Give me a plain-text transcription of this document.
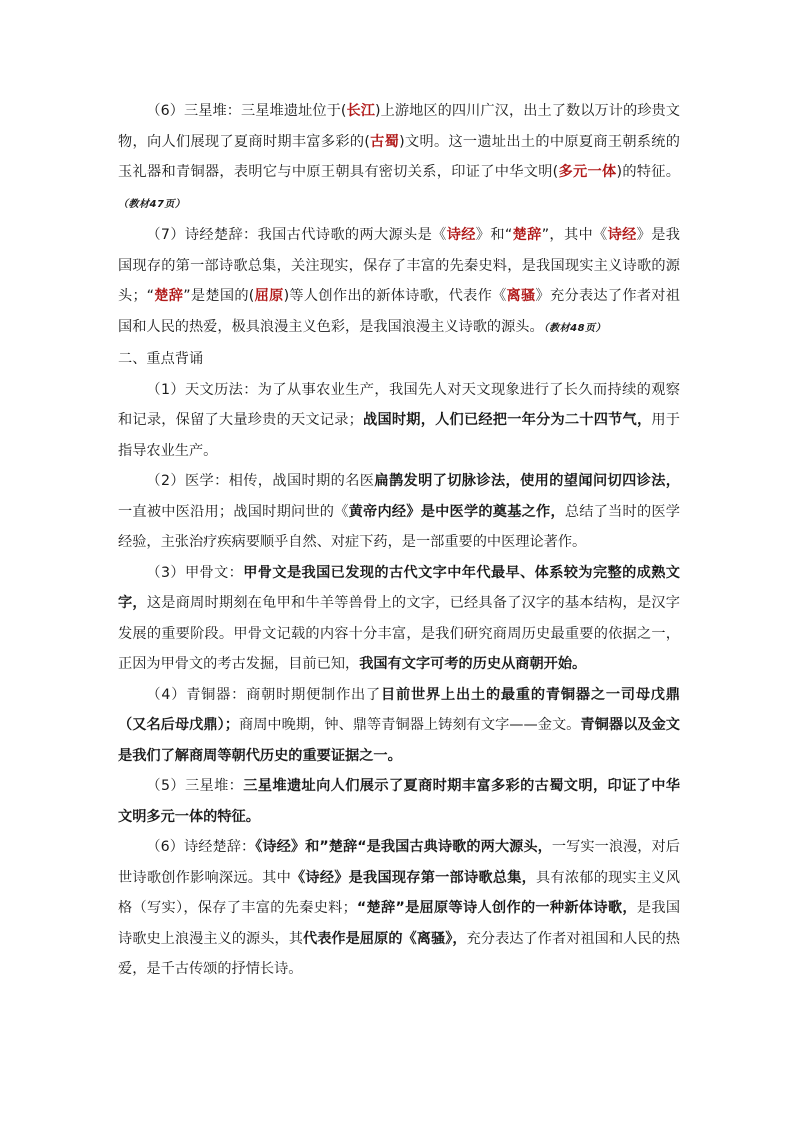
（6）三星堆：三星堆遗址位于(长江)上游地区的四川广汉，出土了数以万计的珍贵文物，向人们展现了夏商时期丰富多彩的(古蜀)文明。这一遗址出土的中原夏商王朝系统的玉礼器和青铜器，表明它与中原王朝具有密切关系，印证了中华文明(多元一体)的特征。（教材47页）

（7）诗经楚辞：我国古代诗歌的两大源头是《诗经》和“楚辞”，其中《诗经》是我国现存的第一部诗歌总集，关注现实，保存了丰富的先秦史料，是我国现实主义诗歌的源头；“楚辞”是楚国的(屈原)等人创作出的新体诗歌，代表作《离骚》充分表达了作者对祖国和人民的热爱，极具浪漫主义色彩，是我国浪漫主义诗歌的源头。（教材48页）

二、重点背诵

（1）天文历法：为了从事农业生产，我国先人对天文现象进行了长久而持续的观察和记录，保留了大量珍贵的天文记录；战国时期，人们已经把一年分为二十四节气，用于指导农业生产。

（2）医学：相传，战国时期的名医扁鹊发明了切脉诊法，使用的望闻问切四诊法，一直被中医沿用；战国时期问世的《黄帝内经》是中医学的奠基之作，总结了当时的医学经验，主张治疗疾病要顺乎自然、对症下药，是一部重要的中医理论著作。

（3）甲骨文：甲骨文是我国已发现的古代文字中年代最早、体系较为完整的成熟文字，这是商周时期刻在龟甲和牛羊等兽骨上的文字，已经具备了汉字的基本结构，是汉字发展的重要阶段。甲骨文记载的内容十分丰富，是我们研究商周历史最重要的依据之一，正因为甲骨文的考古发掘，目前已知，我国有文字可考的历史从商朝开始。

（4）青铜器：商朝时期便制作出了目前世界上出土的最重的青铜器之一司母戊鼎（又名后母戊鼎）；商周中晚期，钟、鼎等青铜器上铸刻有文字——金文。青铜器以及金文是我们了解商周等朝代历史的重要证据之一。

（5）三星堆：三星堆遗址向人们展示了夏商时期丰富多彩的古蜀文明，印证了中华文明多元一体的特征。

（6）诗经楚辞：《诗经》和”楚辞“是我国古典诗歌的两大源头，一写实一浪漫，对后世诗歌创作影响深远。其中《诗经》是我国现存第一部诗歌总集，具有浓郁的现实主义风格（写实），保存了丰富的先秦史料；“楚辞”是屈原等诗人创作的一种新体诗歌，是我国诗歌史上浪漫主义的源头，其代表作是屈原的《离骚》，充分表达了作者对祖国和人民的热爱，是千古传颂的抒情长诗。
